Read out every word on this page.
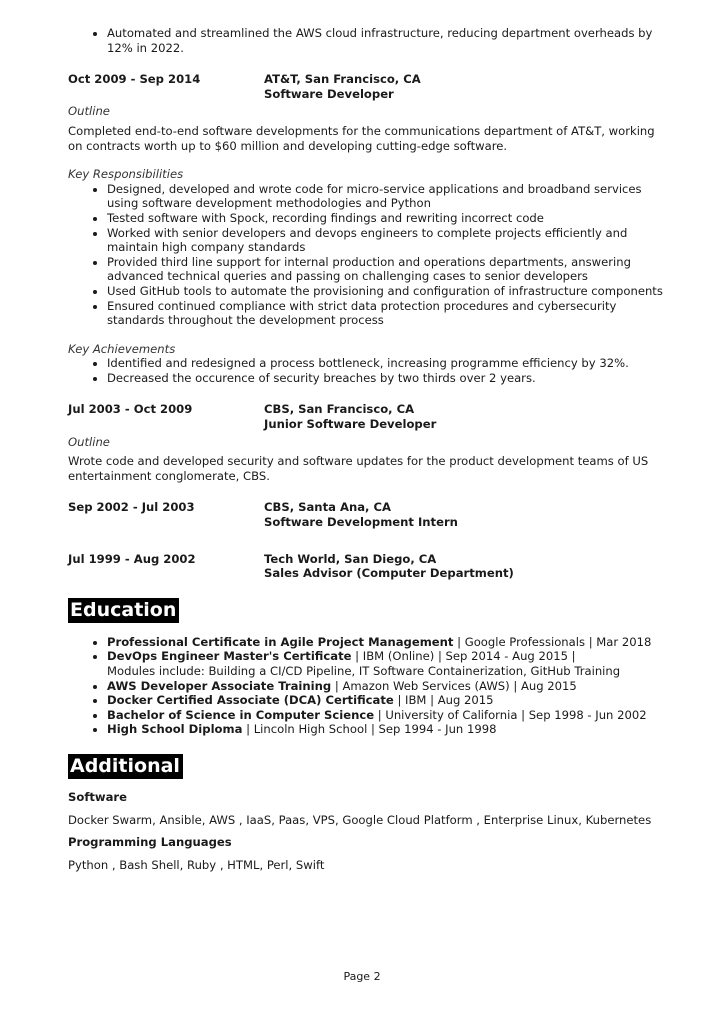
• Automated and streamlined the AWS cloud infrastructure, reducing department overheads by 12% in 2022.
Oct 2009 - Sep 2014	AT&T, San Francisco, CA
Software Developer
Outline
Completed end-to-end software developments for the communications department of AT&T, working on contracts worth up to $60 million and developing cutting-edge software.
Key Responsibilities
• Designed, developed and wrote code for micro-service applications and broadband services using software development methodologies and Python
• Tested software with Spock, recording findings and rewriting incorrect code
• Worked with senior developers and devops engineers to complete projects efficiently and maintain high company standards
• Provided third line support for internal production and operations departments, answering advanced technical queries and passing on challenging cases to senior developers
• Used GitHub tools to automate the provisioning and configuration of infrastructure components
• Ensured continued compliance with strict data protection procedures and cybersecurity standards throughout the development process
Key Achievements
• Identified and redesigned a process bottleneck, increasing programme efficiency by 32%.
• Decreased the occurence of security breaches by two thirds over 2 years.
Jul 2003 - Oct 2009	CBS, San Francisco, CA
Junior Software Developer
Outline
Wrote code and developed security and software updates for the product development teams of US entertainment conglomerate, CBS.
Sep 2002 - Jul 2003	CBS, Santa Ana, CA
Software Development Intern
Jul 1999 - Aug 2002	Tech World, San Diego, CA
Sales Advisor (Computer Department)
Education
• Professional Certificate in Agile Project Management | Google Professionals | Mar 2018
• DevOps Engineer Master's Certificate | IBM (Online) | Sep 2014 - Aug 2015 |
Modules include: Building a CI/CD Pipeline, IT Software Containerization, GitHub Training
• AWS Developer Associate Training | Amazon Web Services (AWS) | Aug 2015
• Docker Certified Associate (DCA) Certificate | IBM | Aug 2015
• Bachelor of Science in Computer Science | University of California | Sep 1998 - Jun 2002
• High School Diploma | Lincoln High School | Sep 1994 - Jun 1998
Additional
Software
Docker Swarm, Ansible, AWS , IaaS, Paas, VPS, Google Cloud Platform , Enterprise Linux, Kubernetes
Programming Languages
Python , Bash Shell, Ruby , HTML, Perl, Swift
Page 2
